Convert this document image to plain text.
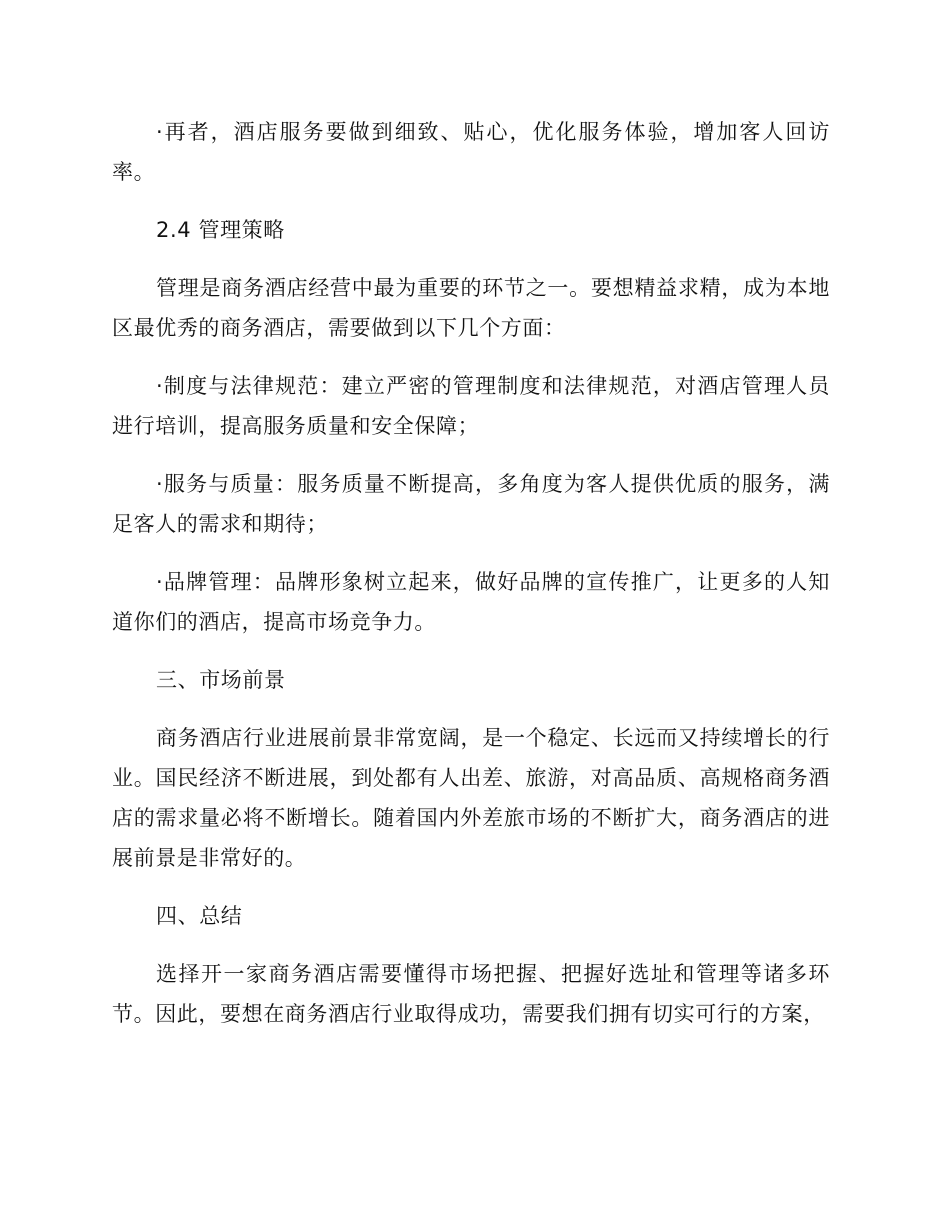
·再者，酒店服务要做到细致、贴心，优化服务体验，增加客人回访率。

2.4 管理策略

管理是商务酒店经营中最为重要的环节之一。要想精益求精，成为本地区最优秀的商务酒店，需要做到以下几个方面：

·制度与法律规范：建立严密的管理制度和法律规范，对酒店管理人员进行培训，提高服务质量和安全保障；

·服务与质量：服务质量不断提高，多角度为客人提供优质的服务，满足客人的需求和期待；

·品牌管理：品牌形象树立起来，做好品牌的宣传推广，让更多的人知道你们的酒店，提高市场竞争力。

三、市场前景

商务酒店行业进展前景非常宽阔，是一个稳定、长远而又持续增长的行业。国民经济不断进展，到处都有人出差、旅游，对高品质、高规格商务酒店的需求量必将不断增长。随着国内外差旅市场的不断扩大，商务酒店的进展前景是非常好的。

四、总结

选择开一家商务酒店需要懂得市场把握、把握好选址和管理等诸多环节。因此，要想在商务酒店行业取得成功，需要我们拥有切实可行的方案，
